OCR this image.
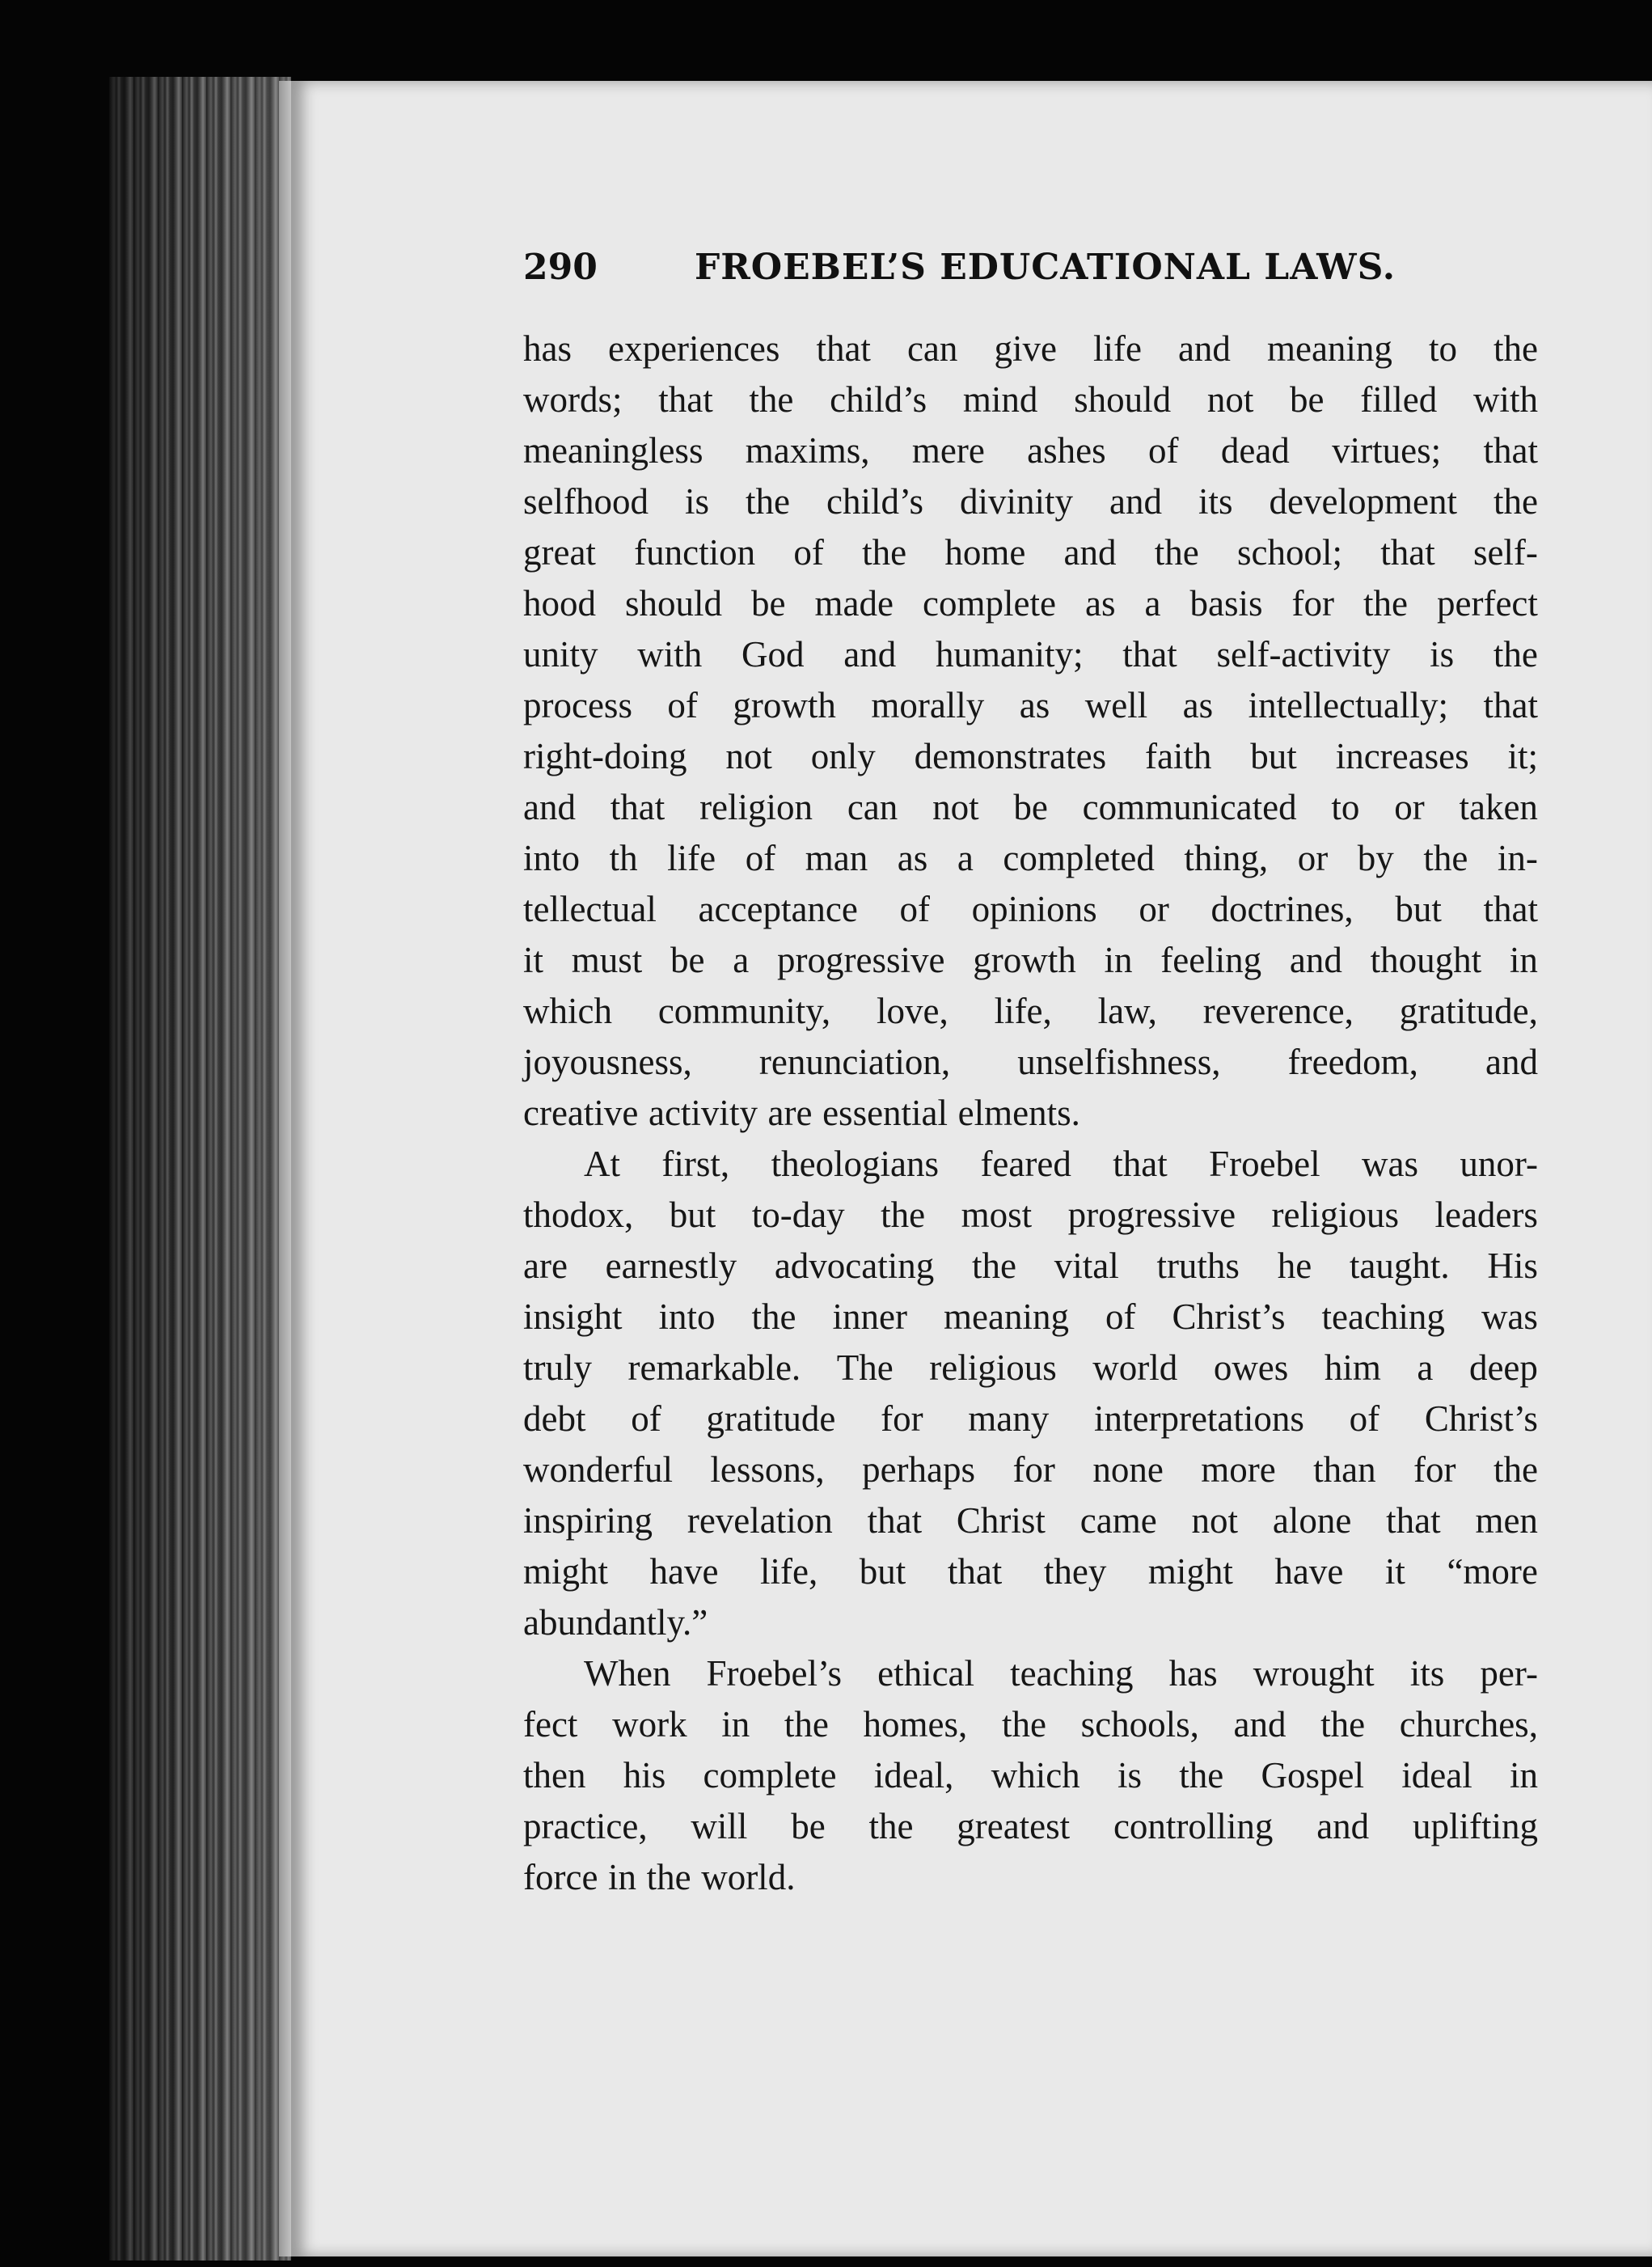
290	FROEBEL’S EDUCATIONAL LAWS.
has experiences that can give life and meaning to the
words; that the child’s mind should not be filled with
meaningless maxims, mere ashes of dead virtues; that
selfhood is the child’s divinity and its development the
great function of the home and the school; that self-
hood should be made complete as a basis for the perfect
unity with God and humanity; that self-activity is the
process of growth morally as well as intellectually; that
right-doing not only demonstrates faith but increases it;
and that religion can not be communicated to or taken
into th life of man as a completed thing, or by the in-
tellectual acceptance of opinions or doctrines, but that
it must be a progressive growth in feeling and thought in
which community, love, life, law, reverence, gratitude,
joyousness, renunciation, unselfishness, freedom, and
creative activity are essential elments.
At first, theologians feared that Froebel was unor-
thodox, but to-day the most progressive religious leaders
are earnestly advocating the vital truths he taught. His
insight into the inner meaning of Christ’s teaching was
truly remarkable. The religious world owes him a deep
debt of gratitude for many interpretations of Christ’s
wonderful lessons, perhaps for none more than for the
inspiring revelation that Christ came not alone that men
might have life, but that they might have it “more
abundantly.”
When Froebel’s ethical teaching has wrought its per-
fect work in the homes, the schools, and the churches,
then his complete ideal, which is the Gospel ideal in
practice, will be the greatest controlling and uplifting
force in the world.
